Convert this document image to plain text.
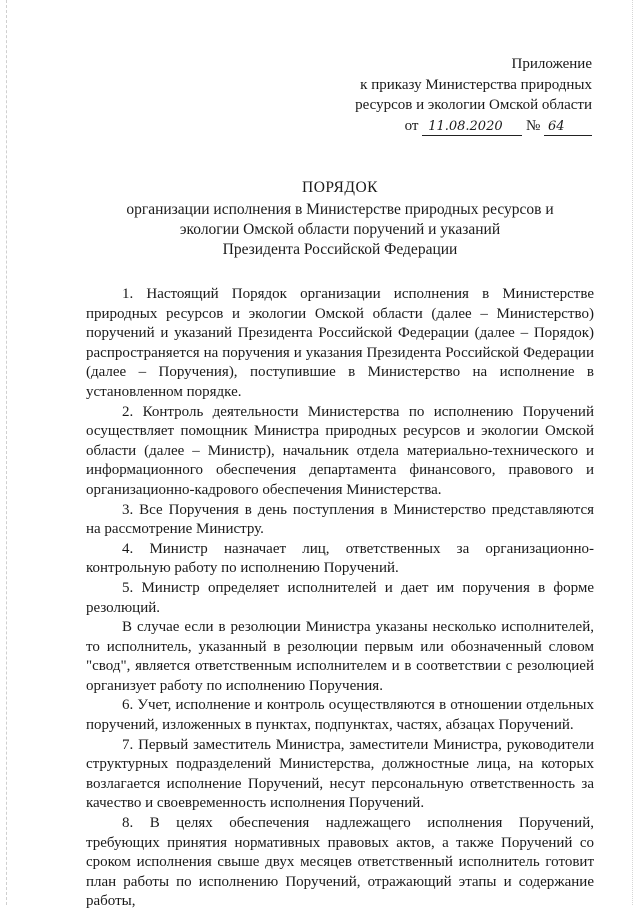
Приложение
к приказу Министерства природных
ресурсов и экологии Омской области
от 11.08.2020 № 64
ПОРЯДОК
организации исполнения в Министерстве природных ресурсов и
экологии Омской области поручений и указаний
Президента Российской Федерации

1. Настоящий Порядок организации исполнения в Министерстве природных ресурсов и экологии Омской области (далее – Министерство) поручений и указаний Президента Российской Федерации (далее – Порядок) распространяется на поручения и указания Президента Российской Федерации (далее – Поручения), поступившие в Министерство на исполнение в установленном порядке.

2. Контроль деятельности Министерства по исполнению Поручений осуществляет помощник Министра природных ресурсов и экологии Омской области (далее – Министр), начальник отдела материально-технического и информационного обеспечения департамента финансового, правового и организационно-кадрового обеспечения Министерства.

3. Все Поручения в день поступления в Министерство представляются на рассмотрение Министру.

4. Министр назначает лиц, ответственных за организационно-контрольную работу по исполнению Поручений.

5. Министр определяет исполнителей и дает им поручения в форме резолюций.

В случае если в резолюции Министра указаны несколько исполнителей, то исполнитель, указанный в резолюции первым или обозначенный словом "свод", является ответственным исполнителем и в соответствии с резолюцией организует работу по исполнению Поручения.

6. Учет, исполнение и контроль осуществляются в отношении отдельных поручений, изложенных в пунктах, подпунктах, частях, абзацах Поручений.

7. Первый заместитель Министра, заместители Министра, руководители структурных подразделений Министерства, должностные лица, на которых возлагается исполнение Поручений, несут персональную ответственность за качество и своевременность исполнения Поручений.

8. В целях обеспечения надлежащего исполнения Поручений, требующих принятия нормативных правовых актов, а также Поручений со сроком исполнения свыше двух месяцев ответственный исполнитель готовит план работы по исполнению Поручений, отражающий этапы и содержание работы,
